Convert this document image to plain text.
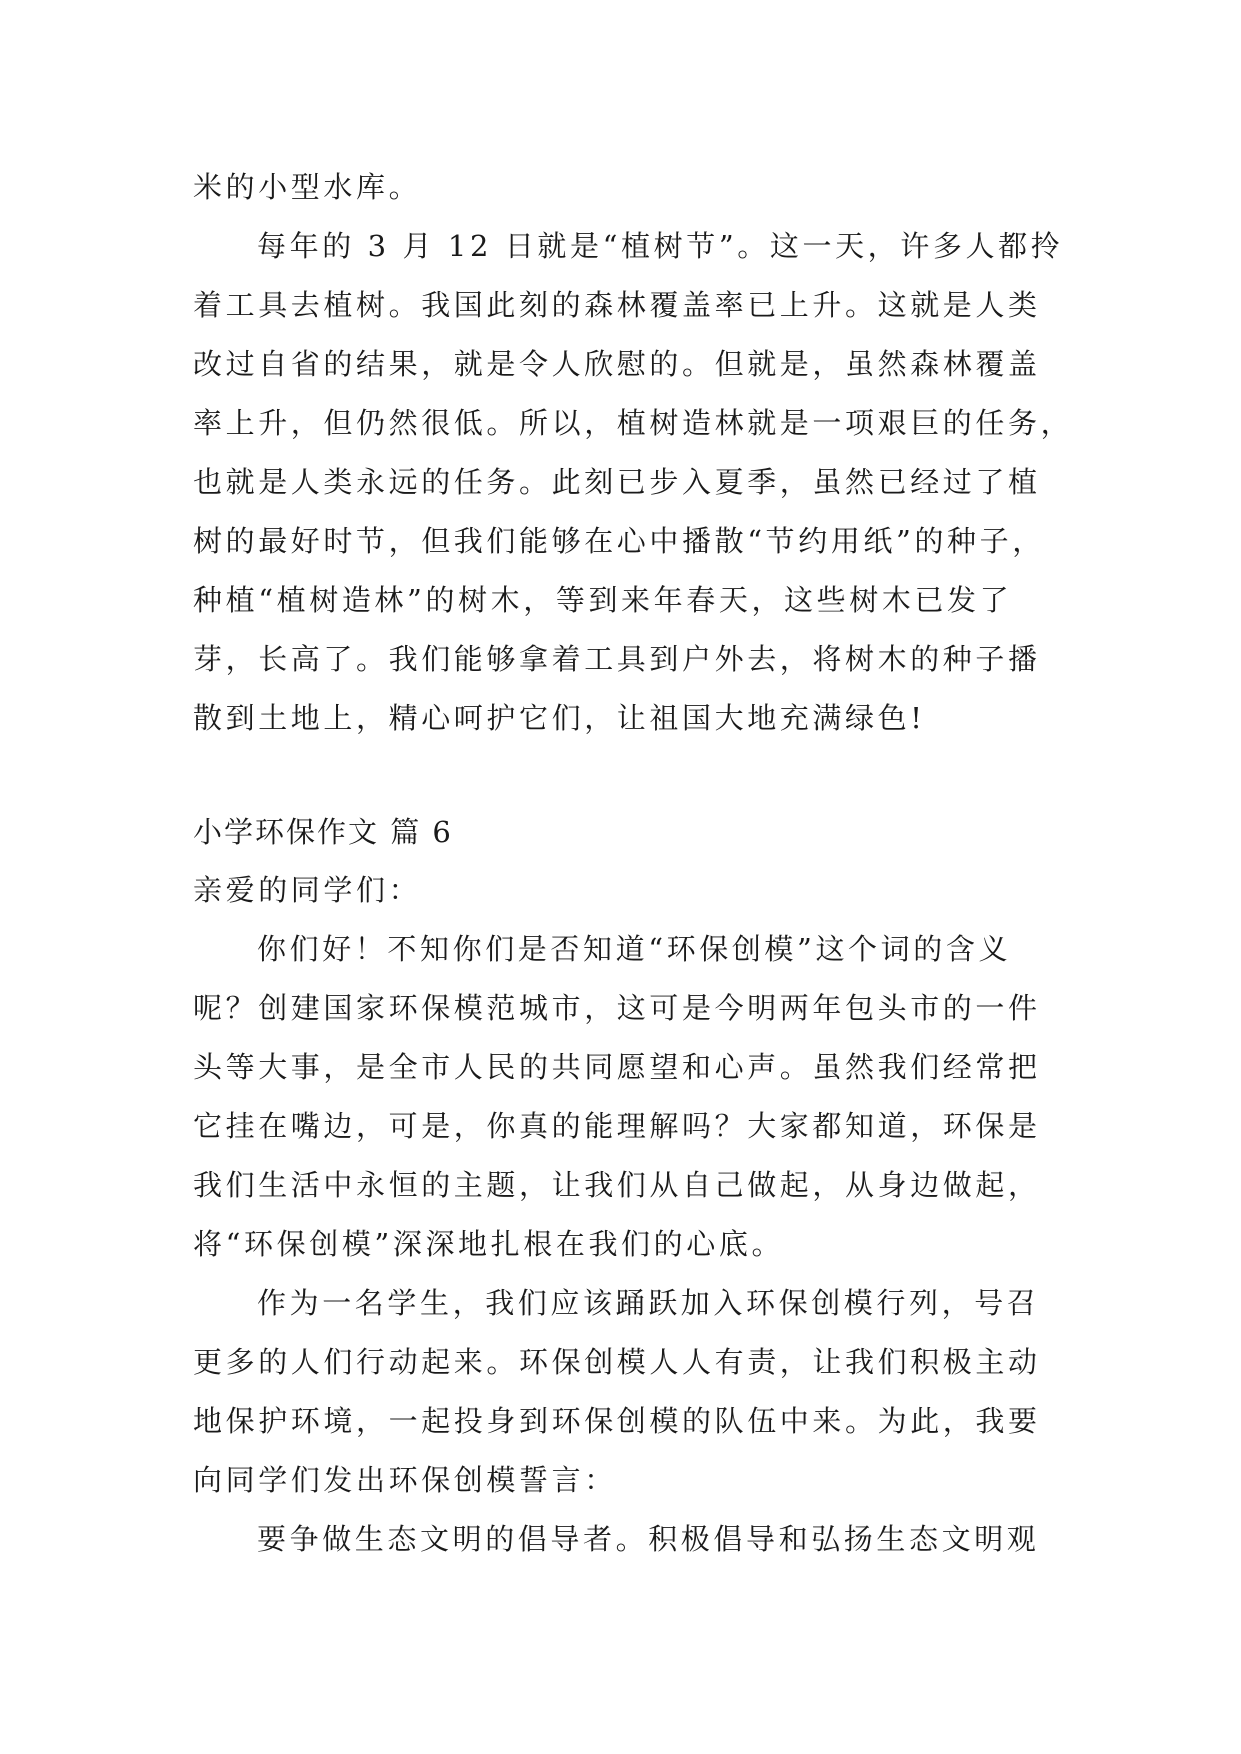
米的小型水库。
每年的 3 月 12 日就是“植树节”。这一天，许多人都拎
着工具去植树。我国此刻的森林覆盖率已上升。这就是人类
改过自省的结果，就是令人欣慰的。但就是，虽然森林覆盖
率上升，但仍然很低。所以，植树造林就是一项艰巨的任务，
也就是人类永远的任务。此刻已步入夏季，虽然已经过了植
树的最好时节，但我们能够在心中播散“节约用纸”的种子，
种植“植树造林”的树木，等到来年春天，这些树木已发了
芽，长高了。我们能够拿着工具到户外去，将树木的种子播
散到土地上，精心呵护它们，让祖国大地充满绿色!
小学环保作文 篇 6
亲爱的同学们：
你们好！不知你们是否知道“环保创模”这个词的含义
呢？创建国家环保模范城市，这可是今明两年包头市的一件
头等大事，是全市人民的共同愿望和心声。虽然我们经常把
它挂在嘴边，可是，你真的能理解吗？大家都知道，环保是
我们生活中永恒的主题，让我们从自己做起，从身边做起，
将“环保创模”深深地扎根在我们的心底。
作为一名学生，我们应该踊跃加入环保创模行列，号召
更多的人们行动起来。环保创模人人有责，让我们积极主动
地保护环境，一起投身到环保创模的队伍中来。为此，我要
向同学们发出环保创模誓言：
要争做生态文明的倡导者。积极倡导和弘扬生态文明观
